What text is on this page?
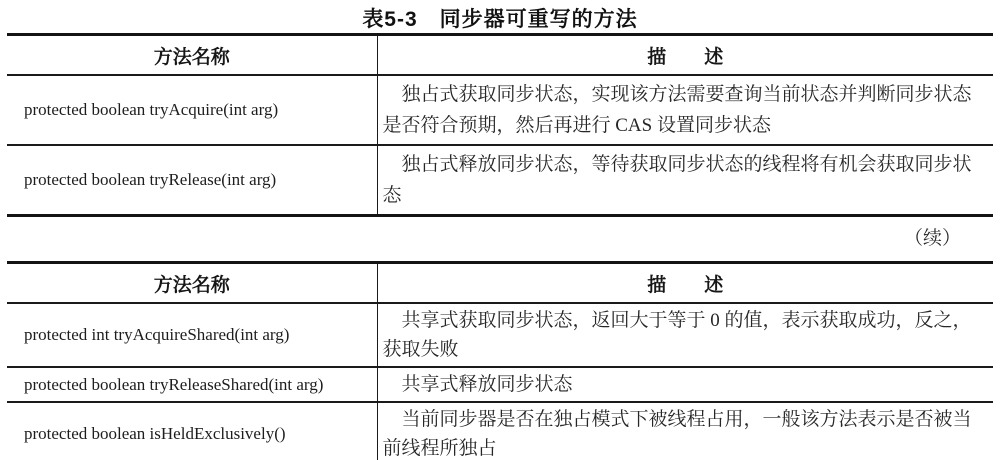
表5-3　同步器可重写的方法
方法名称	描　　述
protected boolean tryAcquire(int arg)	独占式获取同步状态，实现该方法需要查询当前状态并判断同步状态是否符合预期，然后再进行 CAS 设置同步状态
protected boolean tryRelease(int arg)	独占式释放同步状态，等待获取同步状态的线程将有机会获取同步状态
（续）
方法名称	描　　述
protected int tryAcquireShared(int arg)	共享式获取同步状态，返回大于等于 0 的值，表示获取成功，反之，获取失败
protected boolean tryReleaseShared(int arg)	共享式释放同步状态
protected boolean isHeldExclusively()	当前同步器是否在独占模式下被线程占用，一般该方法表示是否被当前线程所独占
